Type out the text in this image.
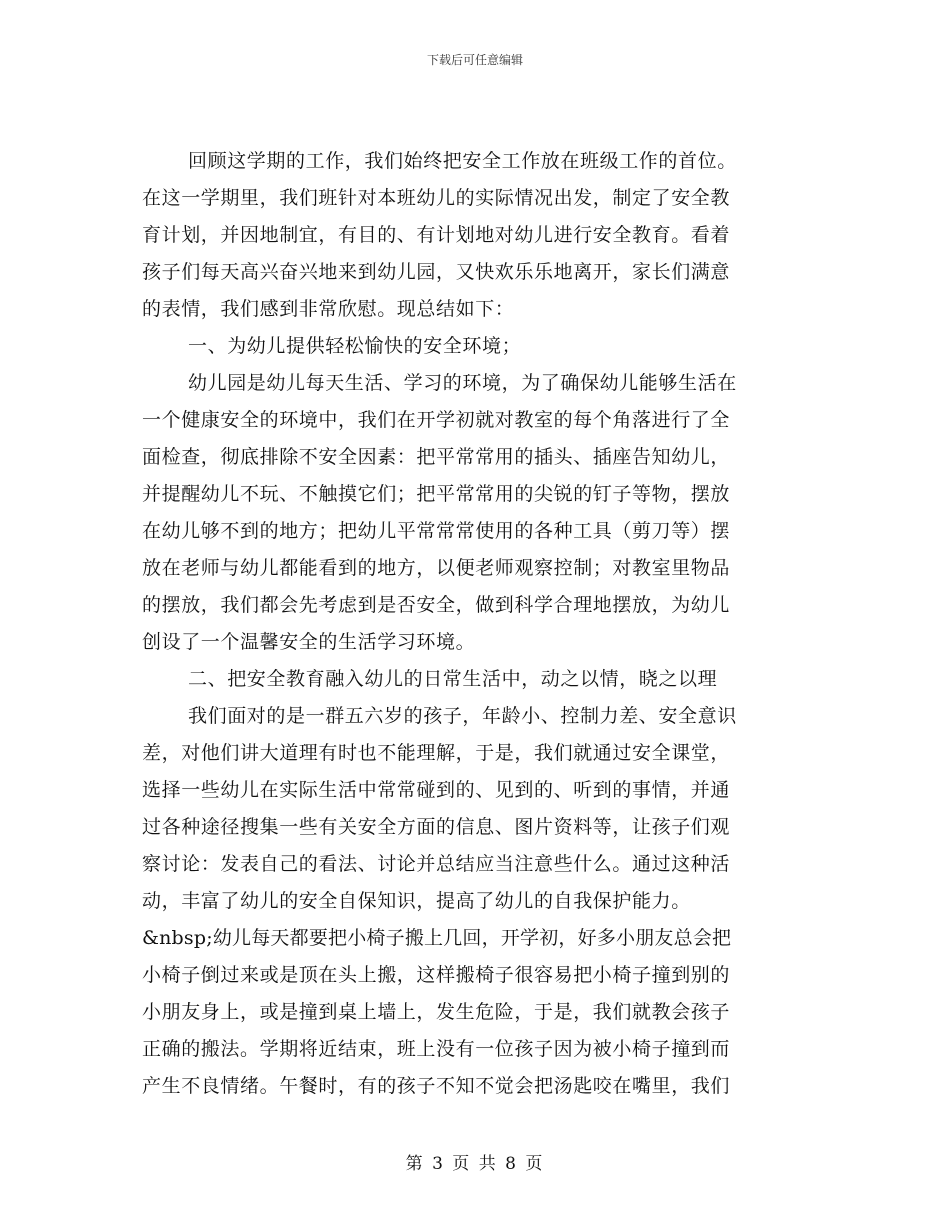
下载后可任意编辑
回顾这学期的工作，我们始终把安全工作放在班级工作的首位。
在这一学期里，我们班针对本班幼儿的实际情况出发，制定了安全教
育计划，并因地制宜，有目的、有计划地对幼儿进行安全教育。看着
孩子们每天高兴奋兴地来到幼儿园，又快欢乐乐地离开，家长们满意
的表情，我们感到非常欣慰。现总结如下：
一、为幼儿提供轻松愉快的安全环境；
幼儿园是幼儿每天生活、学习的环境，为了确保幼儿能够生活在
一个健康安全的环境中，我们在开学初就对教室的每个角落进行了全
面检查，彻底排除不安全因素：把平常常用的插头、插座告知幼儿，
并提醒幼儿不玩、不触摸它们；把平常常用的尖锐的钉子等物，摆放
在幼儿够不到的地方；把幼儿平常常常使用的各种工具（剪刀等）摆
放在老师与幼儿都能看到的地方，以便老师观察控制；对教室里物品
的摆放，我们都会先考虑到是否安全，做到科学合理地摆放，为幼儿
创设了一个温馨安全的生活学习环境。
二、把安全教育融入幼儿的日常生活中，动之以情，晓之以理
我们面对的是一群五六岁的孩子，年龄小、控制力差、安全意识
差，对他们讲大道理有时也不能理解，于是，我们就通过安全课堂，
选择一些幼儿在实际生活中常常碰到的、见到的、听到的事情，并通
过各种途径搜集一些有关安全方面的信息、图片资料等，让孩子们观
察讨论：发表自己的看法、讨论并总结应当注意些什么。通过这种活
动，丰富了幼儿的安全自保知识，提高了幼儿的自我保护能力。
&nbsp;幼儿每天都要把小椅子搬上几回，开学初，好多小朋友总会把
小椅子倒过来或是顶在头上搬，这样搬椅子很容易把小椅子撞到别的
小朋友身上，或是撞到桌上墙上，发生危险，于是，我们就教会孩子
正确的搬法。学期将近结束，班上没有一位孩子因为被小椅子撞到而
产生不良情绪。午餐时，有的孩子不知不觉会把汤匙咬在嘴里，我们
第 3 页 共 8 页
